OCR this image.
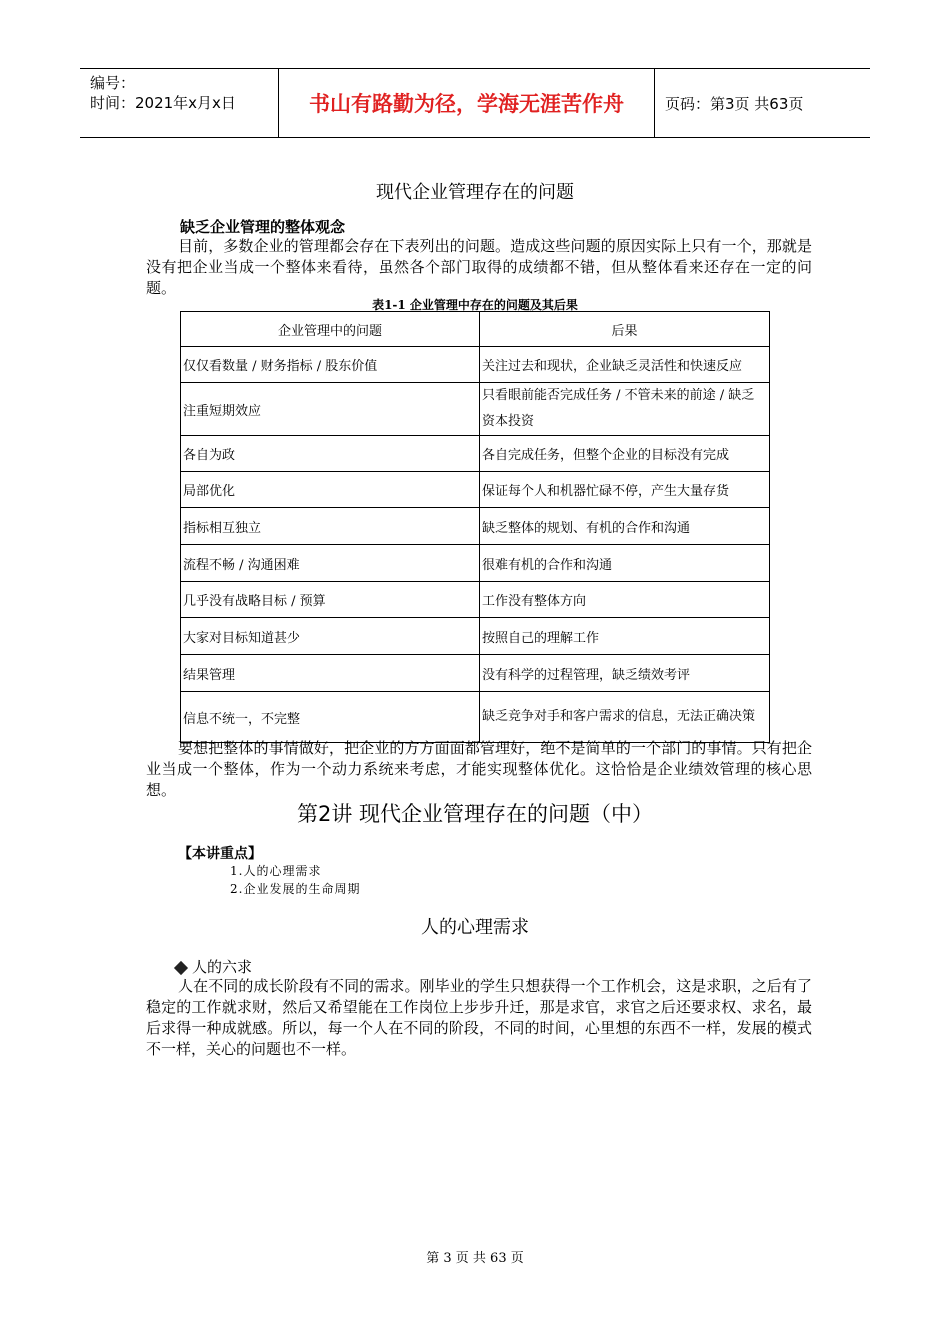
编号：
时间：2021年x月x日	书山有路勤为径，学海无涯苦作舟	页码：第3页 共63页
现代企业管理存在的问题
缺乏企业管理的整体观念
目前，多数企业的管理都会存在下表列出的问题。造成这些问题的原因实际上只有一个，那就是没有把企业当成一个整体来看待，虽然各个部门取得的成绩都不错，但从整体看来还存在一定的问题。
表1-1 企业管理中存在的问题及其后果
企业管理中的问题	后果
仅仅看数量 / 财务指标 / 股东价值	关注过去和现状，企业缺乏灵活性和快速反应
注重短期效应	只看眼前能否完成任务 / 不管未来的前途 / 缺乏资本投资
各自为政	各自完成任务，但整个企业的目标没有完成
局部优化	保证每个人和机器忙碌不停，产生大量存货
指标相互独立	缺乏整体的规划、有机的合作和沟通
流程不畅 / 沟通困难	很难有机的合作和沟通
几乎没有战略目标 / 预算	工作没有整体方向
大家对目标知道甚少	按照自己的理解工作
结果管理	没有科学的过程管理，缺乏绩效考评
信息不统一，不完整	缺乏竞争对手和客户需求的信息，无法正确决策
要想把整体的事情做好，把企业的方方面面都管理好，绝不是简单的一个部门的事情。只有把企业当成一个整体，作为一个动力系统来考虑，才能实现整体优化。这恰恰是企业绩效管理的核心思想。
第2讲 现代企业管理存在的问题（中）
【本讲重点】
1.人的心理需求
2.企业发展的生命周期
人的心理需求
人的六求
人在不同的成长阶段有不同的需求。刚毕业的学生只想获得一个工作机会，这是求职，之后有了稳定的工作就求财，然后又希望能在工作岗位上步步升迁，那是求官，求官之后还要求权、求名，最后求得一种成就感。所以，每一个人在不同的阶段，不同的时间，心里想的东西不一样，发展的模式不一样，关心的问题也不一样。
第 3 页 共 63 页
